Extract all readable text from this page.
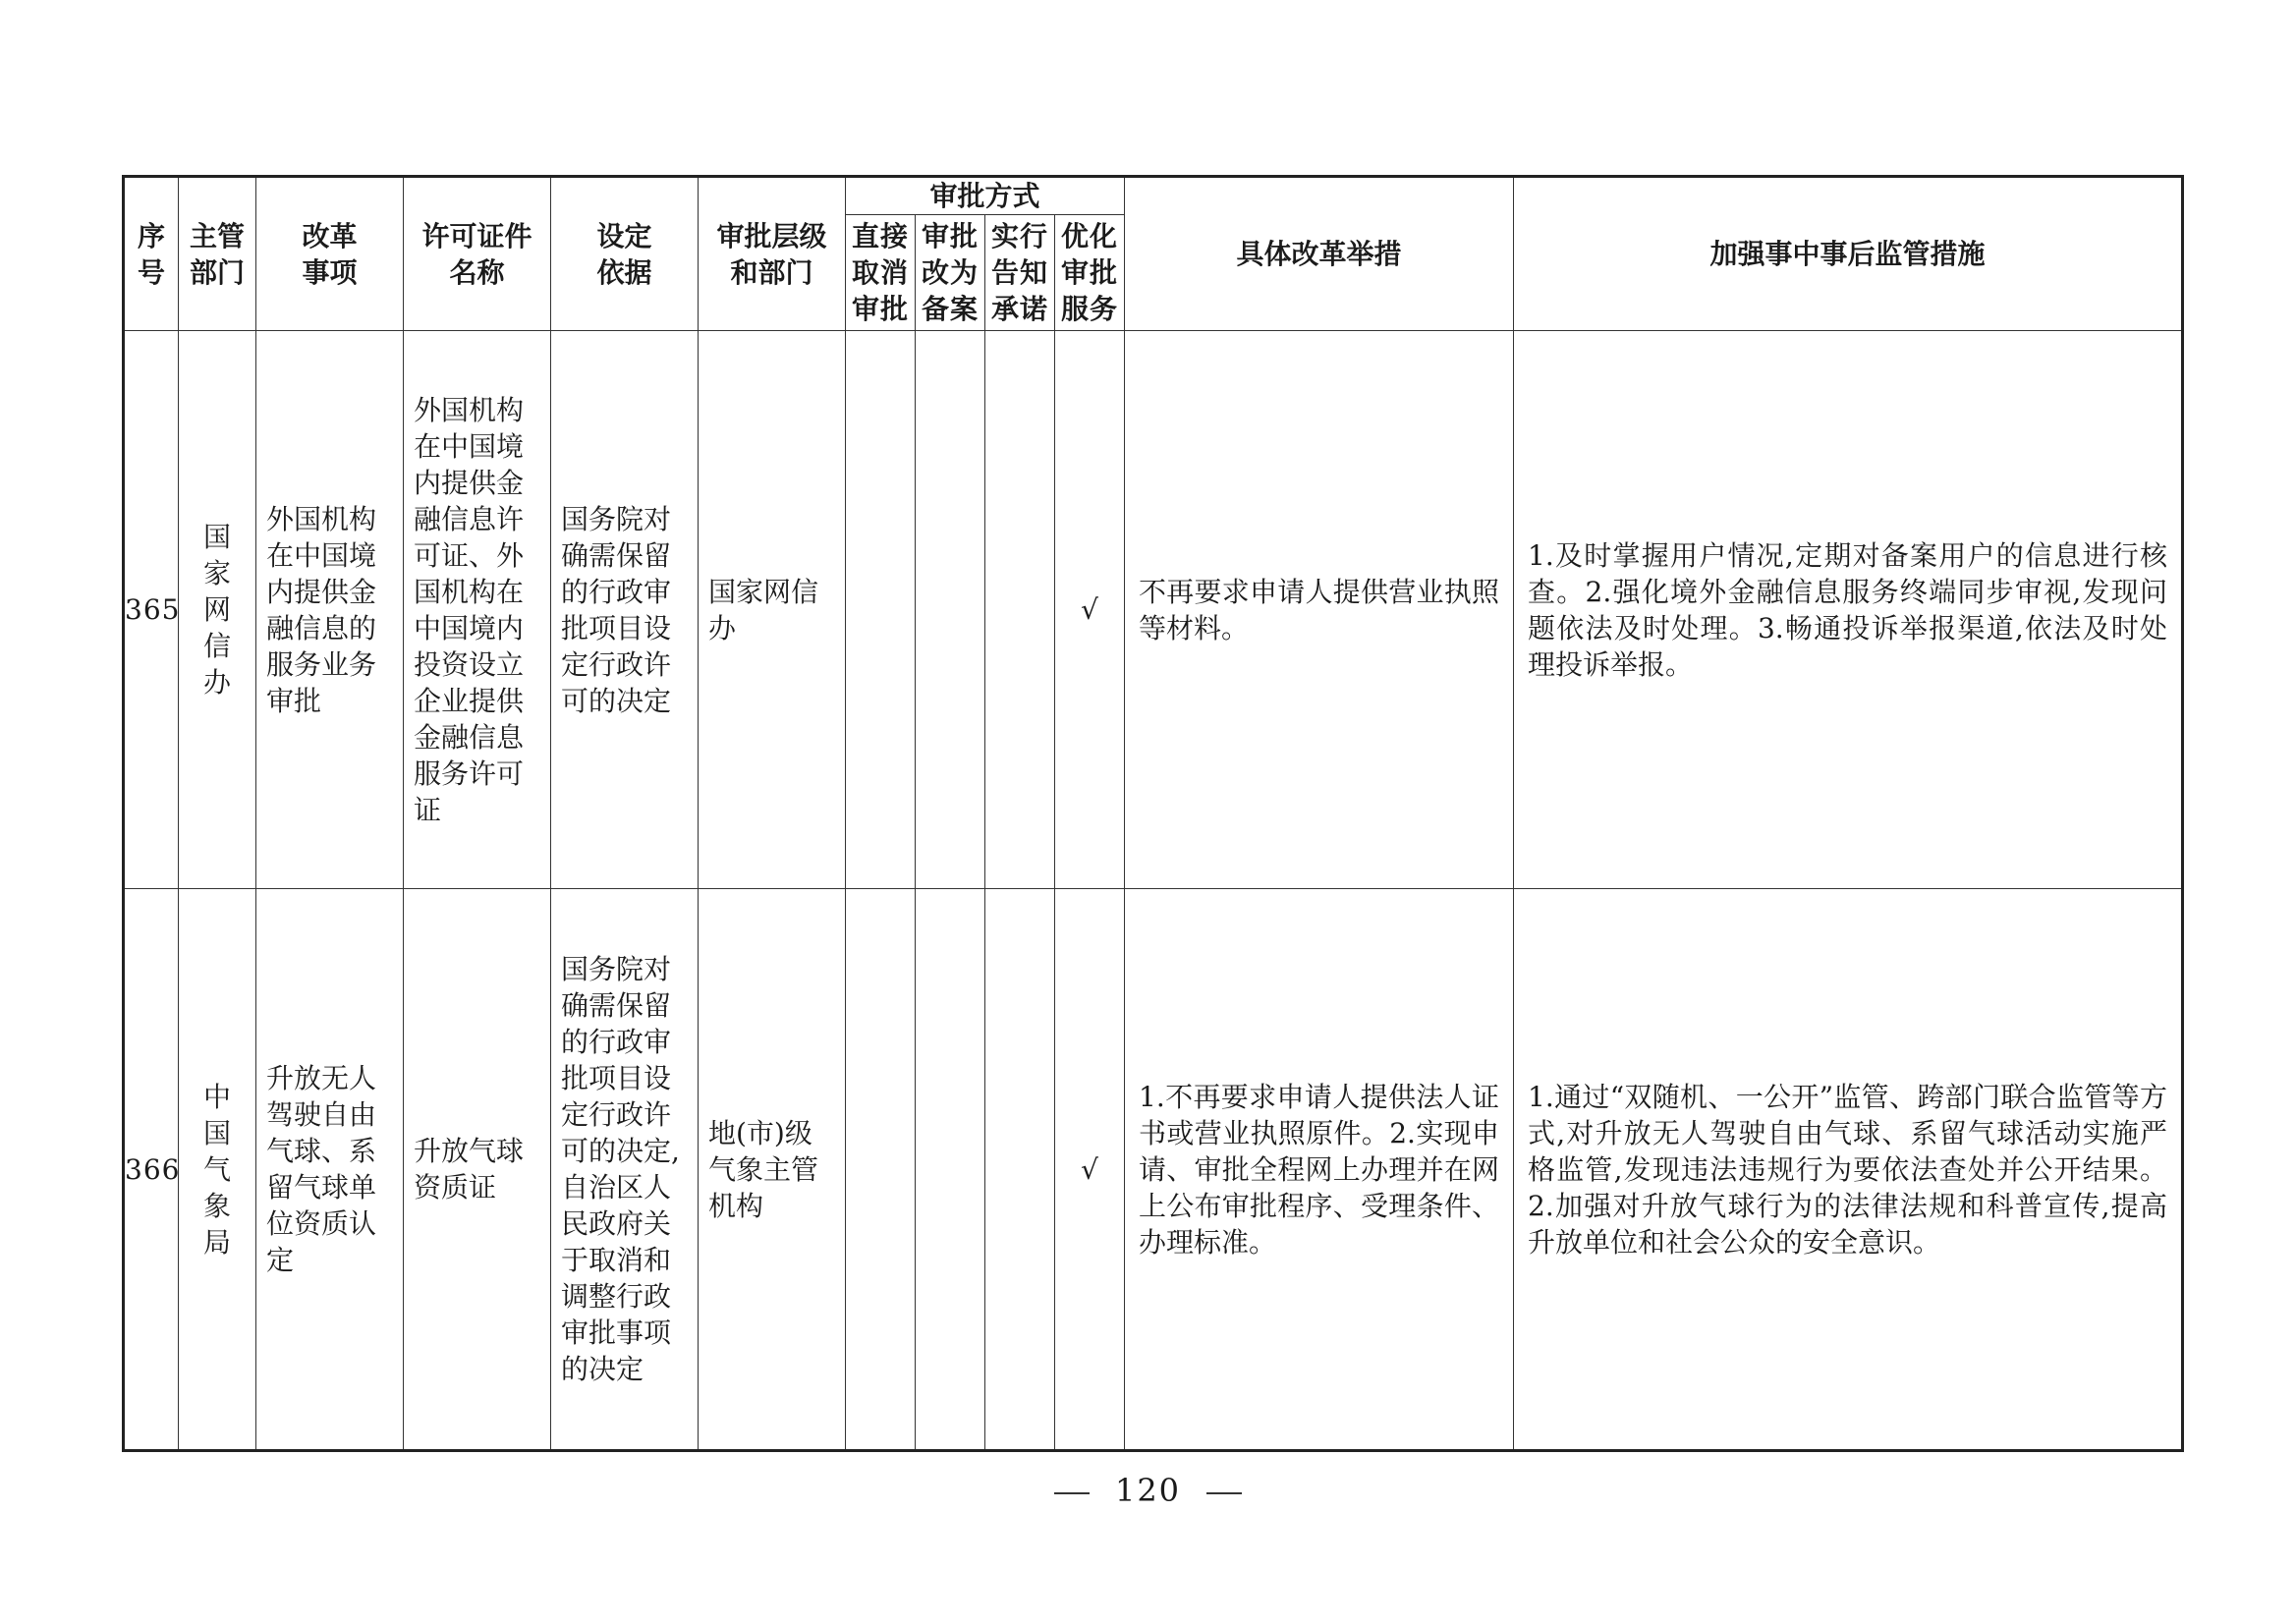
序号	主管部门	改革事项	许可证件名称	设定依据	审批层级和部门	审批方式				具体改革举措	加强事中事后监管措施
						直接取消审批	审批改为备案	实行告知承诺	优化审批服务		
365	国家网信办	外国机构在中国境内提供金融信息的服务业务审批	外国机构在中国境内提供金融信息许可证、外国机构在中国境内投资设立企业提供金融信息服务许可证	国务院对确需保留的行政审批项目设定行政许可的决定	国家网信办				√	不再要求申请人提供营业执照等材料。	1.及时掌握用户情况,定期对备案用户的信息进行核查。2.强化境外金融信息服务终端同步审视,发现问题依法及时处理。3.畅通投诉举报渠道,依法及时处理投诉举报。
366	中国气象局	升放无人驾驶自由气球、系留气球单位资质认定	升放气球资质证	国务院对确需保留的行政审批项目设定行政许可的决定,自治区人民政府关于取消和调整行政审批事项的决定	地(市)级气象主管机构				√	1.不再要求申请人提供法人证书或营业执照原件。2.实现申请、审批全程网上办理并在网上公布审批程序、受理条件、办理标准。	1.通过“双随机、一公开”监管、跨部门联合监管等方式,对升放无人驾驶自由气球、系留气球活动实施严格监管,发现违法违规行为要依法查处并公开结果。2.加强对升放气球行为的法律法规和科普宣传,提高升放单位和社会公众的安全意识。
120
